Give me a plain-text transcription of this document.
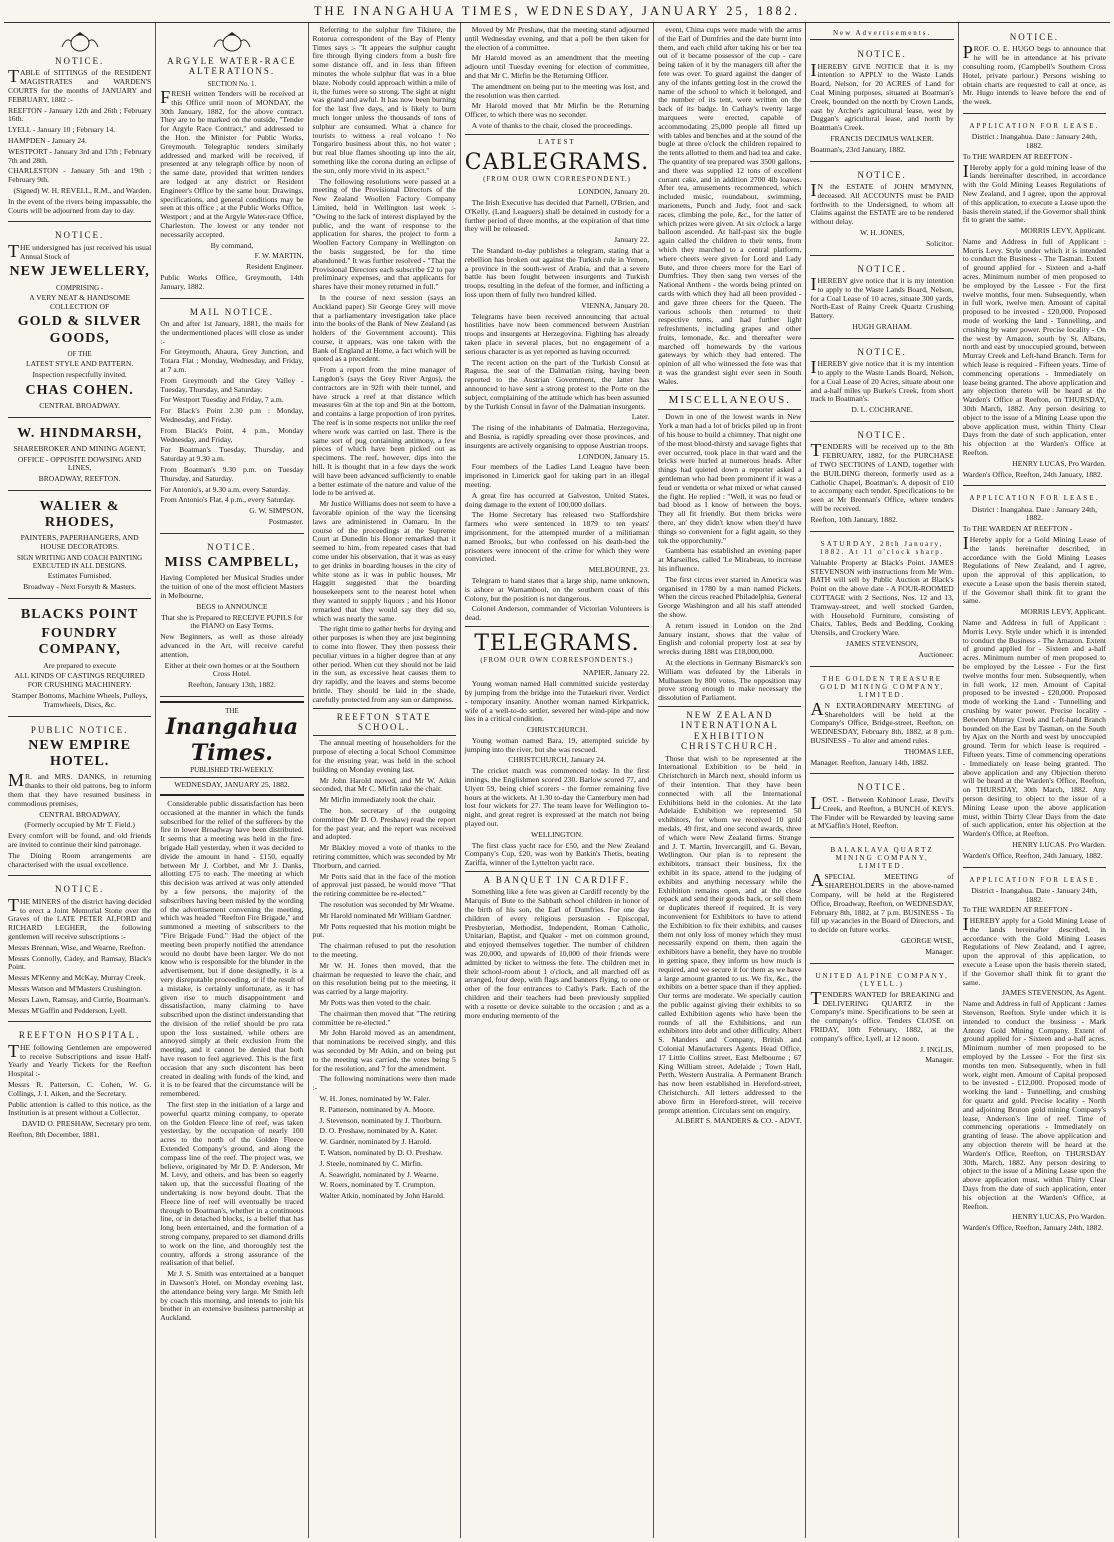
THE INANGAHUA TIMES, WEDNESDAY, JANUARY 25, 1882.
NOTICE.

TABLE of SITTINGS of the RESIDENT MAGISTRATES and WARDEN'S COURTS for the months of JANUARY and FEBRUARY, 1882 :-

REEFTON - January 12th and 26th ; February 16th.

LYELL - January 10 ; February 14.

HAMPDEN - January 24.

WESTPORT - January 3rd and 17th ; February 7th and 28th.

CHARLESTON - January 5th and 19th ; February 9th.

(Signed) W. H. REVELL, R.M., and Warden.

In the event of the rivers being impassable, the Courts will be adjourned from day to day.

NOTICE.

THE undersigned has just received his usual Annual Stock of

NEW JEWELLERY,

COMPRISING -

A VERY NEAT & HANDSOME COLLECTION OF

GOLD & SILVER GOODS,

OF THE

LATEST STYLE AND PATTERN.

Inspection respectfully invited.

CHAS COHEN.

CENTRAL BROADWAY.

W. HINDMARSH,

SHAREBROKER AND MINING AGENT,

OFFICE - OPPOSITE DOWSING AND LINES,

BROADWAY, REEFTON.

WALIER & RHODES,

PAINTERS, PAPERHANGERS, AND HOUSE DECORATORS.

SIGN WRITING AND COACH PAINTING EXECUTED IN ALL DESIGNS.

Estimates Furnished.

Broadway - Next Forsyth & Masters.

BLACKS POINT
FOUNDRY COMPANY,

Are prepared to execute

ALL KINDS OF CASTINGS REQUIRED FOR CRUSHING MACHINERY.

Stamper Bottoms, Machine Wheels, Pulleys, Tramwheels, Discs, &c.

PUBLIC NOTICE.
NEW EMPIRE HOTEL.

MR. and MRS. DANKS, in returning thanks to their old patrons, beg to inform them that they have resumed business in commodious premises,

CENTRAL BROADWAY,

(Formerly occupied by Mr T. Field.)

Every comfort will be found, and old friends are invited to continue their kind patronage.

The Dining Room arrangements are characterised with the usual excellence.

NOTICE.

THE MINERS of the district having decided to erect a Joint Memorial Stone over the Graves of the LATE PETER ALFORD and RICHARD LEGHER, the following gentlemen will receive subscriptions :-

Messrs Brennan, Wise, and Wearne, Reefton.

Messrs Connolly, Cadey, and Ramsay, Black's Point.

Messrs M'Kenny and McKay, Murray Creek.

Messrs Watson and M'Masters Crushington.

Messrs Lawn, Ramsay, and Currie, Boatman's.

Messrs M'Gaffin and Pedderson, Lyell.

REEFTON HOSPITAL.

THE following Gentlemen are empowered to receive Subscriptions and issue Half-Yearly and Yearly Tickets for the Reefton Hospital :-

Messrs R. Patterson, C. Cohen, W. G. Collings, J. I. Aiken, and the Secretary.

Public attention is called to this notice, as the Institution is at present without a Collector.

DAVID O. PRESHAW, Secretary pro tem.

Reefton, 8th December, 1881.

ARGYLE WATER-RACE ALTERATIONS.

SECTION No. 1.

FRESH written Tenders will be received at this Office until noon of MONDAY, the 30th January, 1882, for the above contract. They are to be marked on the outside, "Tender for Argyle Race Contract," and addressed to the Hon. the Minister for Public Works, Greymouth. Telegraphic tenders similarly addressed and marked will be received, if presented at any telegraph office by noon of the same date, provided that written tenders are lodged at any district or Resident Engineer's Office by the same hour. Drawings, specifications, and general conditions may be seen at this office ; at the Public Works Office, Westport ; and at the Argyle Water-race Office, Charleston. The lowest or any tender not necessarily accepted.

By command,

F. W. MARTIN,

Resident Engineer.

Public Works Office, Greymouth, 14th January, 1882.

MAIL NOTICE.

On and after 1st January, 1881, the mails for the undermentioned places will close as under :-

For Greymouth, Ahaura, Grey Junction, and Totara Flat ; Monday, Wednesday, and Friday, at 7 a.m.

From Greymouth and the Grey Valley - Tuesday, Thursday, and Saturday.

For Westport Tuesday and Friday, 7 a.m.

For Black's Point 2.30 p.m : Monday, Wednesday, and Friday.

From Black's Point, 4 p.m., Monday Wednesday, and Friday,

For Boatman's Tuesday, Thursday, and Saturday at 9.30 a.m.

From Boatman's 9.30 p.m. on Tuesday Thursday, and Saturday.

For Antonio's, at 9.30 a.m. every Saturday.

From Antonio's Flat, 4 p.m., every Saturday.

G. W. SIMPSON,

Postmaster.

NOTICE.
MISS CAMPBELL,

Having Completed her Musical Studies under the tuition of one of the most efficient Masters in Melbourne,

BEGS to ANNOUNCE

That she is Prepared to RECEIVE PUPILS for the PIANO on Easy Terms.

New Beginners, as well as those already advanced in the Art, will receive careful attention,

Either at their own homes or at the Southern Cross Hotel.

Reefton, January 13th, 1882.

THE
Inangahua Times.
PUBLISHED TRI-WEEKLY.
WEDNESDAY, JANUARY 25, 1882.

Considerable public dissatisfaction has been occasioned at the manner in which the funds subscribed for the relief of the sufferers by the fire in lower Broadway have been distributed. It seems that a meeting was held in the fire-brigade Hall yesterday, when it was decided to divide the amount in hand - £150, equally between Mr J. Corbbet, and Mr J. Danks, allotting £75 to each. The meeting at which this decision was arrived at was only attended by a few persons, the majority of the subscribers having been misled by the wording of the advertisement convening the meeting, which was headed "Reefton Fire Brigade," and summoned a meeting of subscribers to the "Fire Brigade Fund." Had the object of the meeting been properly notified the attendance would no doubt have been larger. We do not know who is responsible for the blunder in the advertisement, but if done designedly, it is a very disreputable proceeding, or if the result of a mistake, is certainly unfortunate, as it has given rise to much disappointment and dissatisfaction, many claiming to have subscribed upon the distinct understanding that the division of the relief should be pro rata upon the loss sustained, while others are annoyed simply at their exclusion from the meeting, and it cannot be denied that both have reason to feel aggrieved. This is the first occasion that any such discontent has been created in dealing with funds of the kind, and it is to be feared that the circumstance will be remembered.

The first step in the initiation of a large and powerful quartz mining company, to operate on the Golden Fleece line of reef, was taken yesterday, by the occupation of nearly 100 acres to the north of the Golden Fleece Extended Company's ground, and along the compass line of the reef. The project was, we believe, originated by Mr D. P. Anderson, Mr M. Levy, and others, and has been so eagerly taken up, that the successful floating of the undertaking is now beyond doubt. That the Fleece line of reef will eventually be traced through to Boatman's, whether in a continuous line, or in detached blocks, is a belief that has long been entertained, and the formation of a strong company, prepared to set diamond drills to work on the line, and thoroughly test the country, affords a strong assurance of the realisation of that belief.

Mr J. S. Smith was entertained at a banquet in Dawson's Hotel, on Monday evening last, the attendance being very large. Mr Smith left by coach this morning, and intends to join his brother in an extensive business partnership at Auckland.

Referring to the sulphur fire Tikitere, the Rotorua correspondent of the Bay of Plenty Times says :- "It appears the sulphur caught fire through flying cinders from a bush fire some distance off, and in less than fifteen minutes the whole sulphur flat was in a blue blaze. Nobody could approach within a mile of it, the fumes were so strong. The sight at night was grand and awful. It has now been burning for the last five days, and is likely to burn much longer unless the thousands of tons of sulphur are consumed. What a chance for tourists to witness a real volcano ! No Tongariro business about this, no hot water ; but real blue flames shooting up into the air, something like the corona during an eclipse of the sun, only more vivid in its aspect."

The following resolutions were passed at a meeting of the Provisional Directors of the New Zealand Woollen Factory Company Limited, held in Wellington last week :- "Owing to the lack of interest displayed by the public, and the want of response to the application for shares, the project to form a Woollen Factory Company in Wellington on the basis suggested, be for the time abandoned." It was further resolved - "That the Provisional Directors each subscribe £2 to pay preliminary expenses, and that applicants for shares have their money returned in full."

In the course of next session (says an Auckland paper) Sir George Grey will move that a parliamentary investigation take place into the books of the Bank of New Zealand (as holders of the Government account). This course, it appears, was one taken with the Bank of England at Home, a fact which will be quoted as a precedent.

From a report from the mine manager of Langdon's (says the Grey River Argus), the contractors are in 92ft with their tunnel, and have struck a reef at that distance which measures 6in at the top and 9in at the bottom, and contains a large proportion of iron pyrites. The reef is in some respects not unlike the reef where work was carried on last. There is the same sort of pug containing antimony, a few pieces of which have been picked out as specimens. The reef, however, dips into the hill. It is thought that in a few days the work will have been advanced sufficiently to enable a better estimate of the nature and value of the lode to be arrived at.

Mr Justice Williams does not seem to have a favorable opinion of the way the licensing laws are administered in Oamaru. In the course of the proceedings at the Supreme Court at Dunedin his Honor remarked that it seemed to him, from repeated cases that had come under his observation, that it was as easy to get drinks in boarding houses in the city of white stone as it was in public houses, Mr Haggitt suggested that the boarding housekeepers sent to the nearest hotel when they wanted to supply liquors ; and his Honor remarked that they would say they did so, which was nearly the same.

The right time to gather herbs for drying and other purposes is when they are just beginning to come into flower. They then possess their peculiar virtues in a higher degree than at any other period. When cut they should not be laid in the sun, as excessive heat causes them to dry rapidly, and the leaves and stems become brittle. They should be laid in the shade, carefully protected from any sun or dampness.

REEFTON STATE SCHOOL.

The annual meeting of householders for the purpose of electing a local School Committee for the ensuing year, was held in the school building on Monday evening last.

Mr John Harold moved, and Mr W. Atkin seconded, that Mr C. Mirfin take the chair.

Mr Mirfin immediately took the chair.

The hon. secretary of the outgoing committee (Mr D. O. Preshaw) read the report for the past year, and the report was received and adopted.

Mr Blakley moved a vote of thanks to the retiring committee, which was seconded by Mr Thorburn, and carried.

Mr Potts said that in the face of the motion of approval just passed, he would move "That the retiring committee be re-elected."

The resolution was seconded by Mr Weame.

Mr Harold nominated Mr William Gardner.

Mr Potts requested that his motion might be put.

The chairman refused to put the resolution to the meeting.

Mr W. H. Jones then moved, that the chairman be requested to leave the chair, and on this resolution being put to the meeting, it was carried by a large majority.

Mr Potts was then voted to the chair.

The chairman then moved that "The retiring committee be re-elected."

Mr John Harold moved as an amendment, that nominations be received singly, and this was seconded by Mr Atkin, and on being put to the meeting was carried, the votes being 5 for the resolution, and 7 for the amendment.

The following nominations were then made :-

W. H. Jones, nominated by W. Faler.

R. Patterson, nominated by A. Moore.

J. Stevenson, nominated by J. Thorburn.

D. O. Preshaw, nominated by A. Kater.

W. Gardner, nominated by J. Harold.

T. Watson, nominated by D. O. Preshaw.

J. Steele, nominated by C. Mirfin.

A. Seawright, nominated by J. Wearne.

W. Roers, nominated by T. Crumpton.

Walter Atkin, nominated by John Harold.

Moved by Mr Preshaw, that the meeting stand adjourned until Wednesday evening, and that a poll be then taken for the election of a committee.

Mr Harold moved as an amendment that the meeting adjourn until Tuesday evening for election of committee, and that Mr C. Mirfin be the Returning Officer.

The amendment on being put to the meeting was lost, and the resolution was then carried.

Mr Harold moved that Mr Mirfin be the Returning Officer, to which there was no seconder.

A vote of thanks to the chair, closed the proceedings.

LATEST
CABLEGRAMS.
(FROM OUR OWN CORRESPONDENT.)

LONDON, January 20.

The Irish Executive has decided that Parnell, O'Brien, and O'Kelly, (Land Leaguers) shall be detained in custody for a further period of three months, at the expiration of that time they will be released.

January 22.

The Standard to-day publishes a telegram, stating that a rebellion has broken out against the Turkish rule in Yemen, a province in the south-west of Arabia, and that a severe battle has been fought between insurgents and Turkish troops, resulting in the defeat of the former, and inflicting a loss upon them of fully two hundred killed.

VIENNA, January 20.

Telegrams have been received announcing that actual hostilities have now been commenced between Austrian troops and insurgents at Herzegovina. Fighting has already taken place in several places, but no engagement of a serious character is as yet reported as having occurred.

The recent action on the part of the Turkish Consul at Ragusa, the seat of the Dalmatian rising, having been reported to the Austrian Government, the latter has announced to have sent a strong protest to the Porte on the subject, complaining of the attitude which has been assumed by the Turkish Consul in favor of the Dalmatian insurgents.

Later.

The rising of the inhabitants of Dalmatia, Herzegovina, and Bosnia, is rapidly spreading over those provinces, and insurgents are actively organising to oppose Austrian troops.

LONDON, January 15.

Four members of the Ladies Land League have been imprisoned in Limerick gaol for taking part in an illegal meeting.

A great fire has occurred at Galveston, United States, doing damage to the extent of 100,000 dollars.

The Home Secretary has released two Staffordshire farmers who were sentenced in 1879 to ten years' imprisonment, for the attempted murder of a militiaman named Brooks, but who confessed on his death-bed the prisoners were innocent of the crime for which they were convicted.

MELBOURNE, 23.

Telegram to hand states that a large ship, name unknown, is ashore at Warnambool, on the southern coast of this Colony, but the position is not dangerous.

Colonel Anderson, commander of Victorian Volunteers is dead.

TELEGRAMS.
(FROM OUR OWN CORRESPONDENTS.)

NAPIER, January 22.

Young woman named Hall committed suicide yesterday by jumping from the bridge into the Tutaekuri river. Verdict - temporary insanity. Another woman named Kirkpatrick, wife of a well-to-do settler, severed her wind-pipe and now lies in a critical condition.

CHRISTCHURCH.

Young woman named Bara, 19, attempted suicide by jumping into the river, but she was rescued.

CHRISTCHURCH, January 24.

The cricket match was commenced today. In the first innings, the Englishmen scored 230. Barlow scored 77, and Ulyett 59, being chief scorers - the former remaining five hours at the wickets. At 1.30 to-day the Canterbury men had lost four wickets for 27. The team leave for Wellington to-night, and great regret is expressed at the match not being played out.

WELLINGTON.

The first class yacht race for £50, and the New Zealand Company's Cup, £20, was won by Batkin's Thetis, beating Zariffa, winner of the Lyttelton yacht race.

A BANQUET IN CARDIFF.

Something like a fete was given at Cardiff recently by the Marquis of Bute to the Sabbath school children in honor of the birth of his son, the Earl of Dumfries. For one day children of every religious persuasion - Episcopal, Presbyterian, Methodist, Independent, Roman Catholic, Unitarian, Baptist, and Quaker - met on common ground, and enjoyed themselves together. The number of children was 20,000, and upwards of 10,000 of their friends were admitted by ticket to witness the fete. The children met in their school-room about 1 o'clock, and all marched off as arranged, four deep, with flags and banners flying, to one or other of the four entrances to Cathy's Park. Each of the children and their teachers had been previously supplied with a rosette or device suitable to the occasion ; and as a more enduring memento of the

event, China cups were made with the arms of the Earl of Dumfries and the date burnt into them, and each child after taking his or her tea out of it became possessor of the cup - care being taken of it by the managers till after the fete was over. To guard against the danger of any of the infants getting lost in the crowd the name of the school to which it belonged, and the number of its tent, were written on the back of its badge. In Cathay's twenty large marquees were erected, capable of accommodating 25,000 people all fitted up with tables and benches and at the sound of the bugle at three o'clock the children repaired to the tents allotted to them and had tea and cake. The quantity of tea prepared was 3500 gallons, and there was supplied 12 tons of excellent currant cake, and in addition 2700 4lb loaves. After tea, amusements recommenced, which included music, roundabout, swimming, marionetts, Punch and Judy, foot and sack races, climbing the pole, &c., for the latter of which prizes were given. At six o'clock a large balloon ascended. At half-past six the bugle again called the children to their tents, from which they marched to a central platform, where cheers were given for Lord and Lady Bute, and three cheers more for the Earl of Dumfries. They then sang two verses of the National Anthem - the words being printed on cards with which they had all been provided - and gave three cheers for the Queen. The various schools then returned to their respective tents, and had further light refreshments, including grapes and other fruits, lemonade, &c. and thereafter were marched off homewards by the various gateways by which they had entered. The opinion of all who witnessed the fete was that it was the grandest sight ever seen in South Wales.

MISCELLANEOUS.

Down in one of the lowest wards in New York a man had a lot of bricks piled up in front of his house to build a chimney. That night one of the most blood-thirsty and savage fights that ever occurred, took place in that ward and the bricks were hurled at numerous heads. After things had quieted down a reporter asked a gentleman who had been prominent if it was a feud or vendetta or what mixed or what caused the fight. He replied : "Well, it was no feud or bad blood as I know of between the boys. They all fit friendly. But them bricks were there, an' they didn't know when they'd have things so convenient for a fight again, so they tuk the opporchunity."

Gambetta has established an evening paper at Marseilles, called 'Le Mirabeau, to increase his influence.

The first circus ever started in America was organised in 1780 by a man named Pickets. When the circus reached Philadelphia, General George Washington and all his staff attended the show.

A return issued in London on the 2nd January instant, shows that the value of English and colonial property lost at sea by wrecks during 1881 was £18,000,000.

At the elections in Germany Bismarck's son William was defeated by the Liberals in Mulhausen by 800 votes. The opposition may prove strong enough to make necessary the dissolution of Parliament.

NEW ZEALAND INTERNATIONAL EXHIBITION CHRISTCHURCH.

Those that wish to be represented at the International Exhibition to be held in Christchurch in March next, should inform us of their intention. That they have been connected with all the International Exhibitions held in the colonies. At the late Adelaide Exhibition we represented 50 exhibitors, for whom we received 10 gold medals, 49 first, and one second awards, three of which were New Zealand firms. Strange and J. T. Martin, Invercargill, and G. Bevan, Wellington. Our plan is to represent the exhibitors, transact their business, fix the exhibit in its space, attend to the judging of exhibits and anything necessary while the Exhibition remains open, and at the close repack and send their goods back, or sell them or duplicates thereof if required. It is very inconvenient for Exhibitors to have to attend the Exhibition to fix their exhibits, and causes them not only loss of money which they must necessarily expend on them, then again the exhibitors have a benefit, they have no trouble in getting space, they inform us how much is required, and we secure it for them as we have a large amount granted to us. We fix, &c., the exhibits on a better space than if they applied. Our terms are moderate. We specially caution the public against giving their exhibits to so called Exhibition agents who have been the rounds of all the Exhibitions, and run exhibitors into debt and other difficulty. Albert S. Manders and Company, British and Colonial Manufacturers Agents Head Office, 17 Little Collins street, East Melbourne ; 67 King William street, Adelaide ; Town Hall, Perth, Western Australia. A Permanent Branch has now been established in Hereford-street, Christchurch. All letters addressed to the above firm in Hereford-street, will receive prompt attention. Circulars sent on enquiry.

ALBERT S. MANDERS & CO. - ADVT.

New Advertisements.
NOTICE.

IHEREBY GIVE NOTICE that it is my intention to APPLY to the Waste Lands Board, Nelson, for 20 ACRES of Land for Coal Mining purposes, situated at Boatman's Creek, bounded on the north by Crown Lands, east by Archer's agricultural lease, west by Duggan's agricultural lease, and north by Boatman's Creek.

FRANCIS DECIMUS WALKER.

Boatman's, 23rd January, 1882.

NOTICE.

IN the ESTATE of JOHN M'MYNN, deceased. All ACCOUNTS must be PAID forthwith to the Undersigned, to whom all Claims against the ESTATE are to be rendered without delay.

W. H. JONES,

Solicitor.

NOTICE.

IHEREBY give notice that it is my intention to apply to the Waste Lands Board, Nelson, for a Coal Lease of 10 acres, situate 300 yards, North-East of Rainy Creek Quartz Crushing Battery.

HUGH GRAHAM.

NOTICE.

IHEREBY give notice that it is my intention to apply to the Waste Lands Board, Nelson, for a Coal Lease of 20 Acres, situate about one and a-half miles up Burke's Creek, from short track to Boatman's.

D. L. COCHRANE.

NOTICE.

TENDERS will be received up to the 8th FEBRUARY, 1882, for the PURCHASE of TWO SECTIONS of LAND, together with the BUILDING thereon, formerly used as a Catholic Chapel, Boatman's. A deposit of £10 to accompany each tender. Specifications to be seen at Mr Brennan's Office, where tenders will be received.

Reefton, 10th January, 1882.

SATURDAY, 28th January, 1882. At 11 o'clock sharp.

Valuable Property at Black's Point. JAMES STEVENSON with instructions from Mr Wm. BATH will sell by Public Auction at Black's Point on the above date - A FOUR-ROOMED COTTAGE with 2 Sections, Nos. 12 and 13, Tramway-street, and well stocked Garden, with Household Furniture, consisting of Chairs, Tables, Beds and Bedding, Cooking Utensils, and Crockery Ware.

JAMES STEVENSON,

Auctioneer.

THE GOLDEN TREASURE GOLD MINING COMPANY, LIMITED.

AN EXTRAORDINARY MEETING of Shareholders will be held at the Company's Office, Bridge-street, Reefton, on WEDNESDAY, February 8th, 1882, at 8 p.m. BUSINESS - To alter and amend rules.

THOMAS LEE,

Manager. Reefton, January 14th, 1882.

NOTICE.

LOST. - Between Kohinoor Lease, Devil's Creek, and Reefton, a BUNCH of KEYS. The Finder will be Rewarded by leaving same at M'Gaffin's Hotel, Reefton.

BALAKLAVA QUARTZ MINING COMPANY, LIMITED.

ASPECIAL MEETING of SHAREHOLDERS in the above-named Company, will be held at the Registered Office, Broadway, Reefton, on WEDNESDAY, February 8th, 1882, at 7 p.m. BUSINESS - To fill up vacancies in the Board of Directors, and to decide on future works.

GEORGE WISE,

Manager.

UNITED ALPINE COMPANY, (LYELL.)

TENDERS WANTED for BREAKING and DELIVERING QUARTZ in the Company's mine. Specifications to be seen at the company's office. Tenders CLOSE on FRIDAY, 10th February, 1882, at the company's office, Lyell, at 12 noon.

J. INGLIS,

Manager.

NOTICE.

PROF. O. E. HUGO begs to announce that he will be in attendance at his private consulting room, (Campbell's Southern Cross Hotel, private parlour.) Persons wishing to obtain charts are requested to call at once, as Mr. Hugo intends to leave before the end of the week.

APPLICATION FOR LEASE.

District : Inangahua. Date : January 24th, 1882.

To THE WARDEN AT REEFTON -

IHereby apply for a gold mining lease of the lands hereinafter described, in accordance with the Gold Mining Leases Regulations of New Zealand, and I agree, upon the approval of this application, to execute a Lease upon the basis therein stated, if the Governor shall think fit to grant the same.

MORRIS LEVY, Applicant.

Name and Address in full of Applicant : Morris Levy. Style under which it is intended to conduct the Business - The Tasman. Extent of ground applied for - Sixteen and a-half acres. Minimum number of men proposed to be employed by the Lessee - For the first twelve months, four men. Subsequently, when in full work, twelve men. Amount of capital proposed to be invested - £20,000. Proposed mode of working the land - Tunnelling, and crushing by water power. Precise locality - On the west by Amazon, south by St. Albans, north and east by unoccupied ground, between Murray Creek and Left-hand Branch. Term for which lease is required - Fifteen years. Time of commencing operations - Immediately on lease being granted. The above application and any objection thereto will be heard at the Warden's Office at Reefton, on THURSDAY, 30th March, 1882. Any person desiring to object to the issue of a Mining Lease upon the above application must, within Thirty Clear Days from the date of such application, enter his objection at the Warden's Office at Reefton.

HENRY LUCAS, Pro Warden.

Warden's Office, Reefton, 24th January, 1882.

APPLICATION FOR LEASE.

District : Inangahua. Date : January 24th, 1882.

To THE WARDEN AT REEFTON -

IHereby apply for a Gold Mining Lease of the lands hereinafter described, in accordance with the Gold Mining Leases Regulations of New Zealand, and I agree, upon the approval of this application, to execute a Lease upon the basis therein stated, if the Governor shall think fit to grant the same.

MORRIS LEVY, Applicant.

Name and Address in full of Applicant : Morris Levy. Style under which it is intended to conduct the Business - The Amazon. Extent of ground applied for - Sixteen and a-half acres. Minimum number of men proposed to be employed by the Lessee - For the first twelve months four men. Subsequently, when in full work, 12 men. Amount of Capital proposed to be invested - £20,000. Proposed mode of working the Land - Tunnelling and crushing by water power. Precise locality - Between Murray Creek and Left-hand Branch bounded on the East by Tasman, on the South by Ajax on the North and west by unoccupied ground. Term for which lease is required - Fifteen years. Time of commencing operations - Immediately on lease being granted. The above application and any Objection thereto will be heard at the Warden's Office, Reefton, on THURSDAY, 30th March, 1882. Any person desiring to object to the issue of a Mining Lease upon the above application must, within Thirty Clear Days from the date of such application, enter his objection at the Warden's Office, at Reefton.

HENRY LUCAS. Pro Warden.

Warden's Office, Reefton, 24th January, 1882.

APPLICATION FOR LEASE.

District - Inangahua. Date - January 24th, 1882.

To THE WARDEN AT REEFTON -

IHEREBY apply for a Gold Mining Lease of the lands hereinafter described, in accordance with the Gold Mining Leases Regulations of New Zealand, and I agree, upon the approval of this application, to execute a Lease upon the basis therein stated, if the Governor shall think fit to grant the same.

JAMES STEVENSON, As Agent.

Name and Address in full of Applicant : James Stevenson, Reefton. Style under which it is intended to conduct the business - Mark Antony Gold Mining Company. Extent of ground applied for - Sixteen and a-half acres. Minimum number of men proposed to be employed by the Lessee - For the first six months ten men. Subsequently, when in full work, eight men. Amount of Capital proposed to be invested - £12,000. Proposed mode of working the land - Tunnelling, and crushing for quartz and gold. Precise locality - North and adjoining Bruton gold mining Company's lease, Anderson's line of reef. Time of commencing operations - Immediately on granting of lease. The above application and any objection thereto will be heard at the Warden's Office, Reefton, on THURSDAY 30th, March, 1882. Any person desiring to object to the issue of a Mining Lease upon the above application must, within Thirty Clear Days from the date of such application, enter his objection at the Warden's Office, at Reefton.

HENRY LUCAS, Pro Warden.

Warden's Office, Reefton, January 24th, 1882.
